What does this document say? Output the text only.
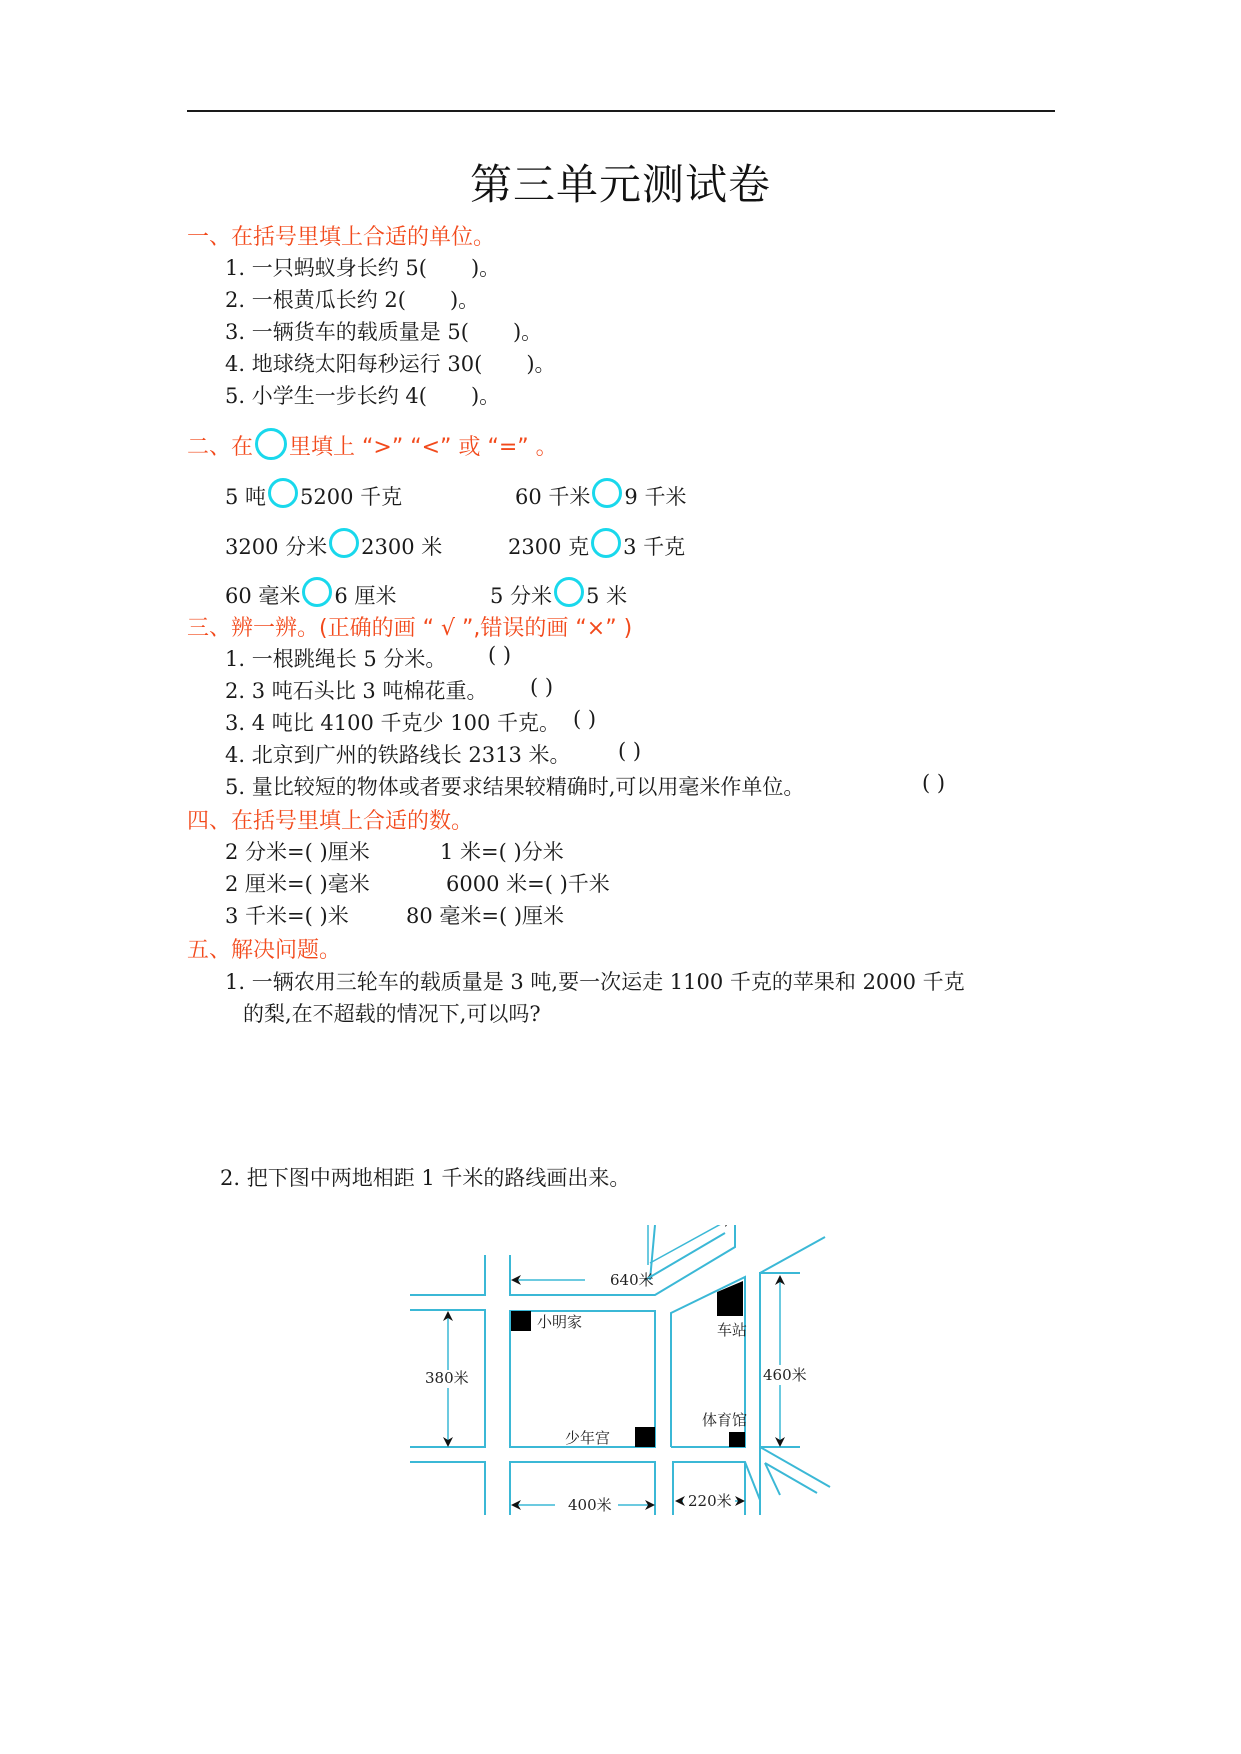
第三单元测试卷
一、在括号里填上合适的单位。
1. 一只蚂蚁身长约 5( )。
2. 一根黄瓜长约 2( )。
3. 一辆货车的载质量是 5( )。
4. 地球绕太阳每秒运行 30( )。
5. 小学生一步长约 4( )。
二、在 里填上 “>” “<” 或 “=” 。
5 吨 5200 千克	60 千米 9 千米
3200 分米 2300 米	2300 克 3 千克
60 毫米 6 厘米	5 分米 5 米
三、辨一辨。(正确的画 “ √ ”,错误的画 “×” )
1. 一根跳绳长 5 分米。 ( )
2. 3 吨石头比 3 吨棉花重。 ( )
3. 4 吨比 4100 千克少 100 千克。 ( )
4. 北京到广州的铁路线长 2313 米。 ( )
5. 量比较短的物体或者要求结果较精确时,可以用毫米作单位。	( )
四、在括号里填上合适的数。
2 分米=( )厘米	1 米=( )分米
2 厘米=( )毫米	6000 米=( )千米
3 千米=( )米	80 毫米=( )厘米
五、解决问题。
1. 一辆农用三轮车的载质量是 3 吨,要一次运走 1100 千克的苹果和 2000 千克
的梨,在不超载的情况下,可以吗?
2. 把下图中两地相距 1 千米的路线画出来。
小明家	车站
少年宫
体育馆
640米
380米	460米
400米	220米
